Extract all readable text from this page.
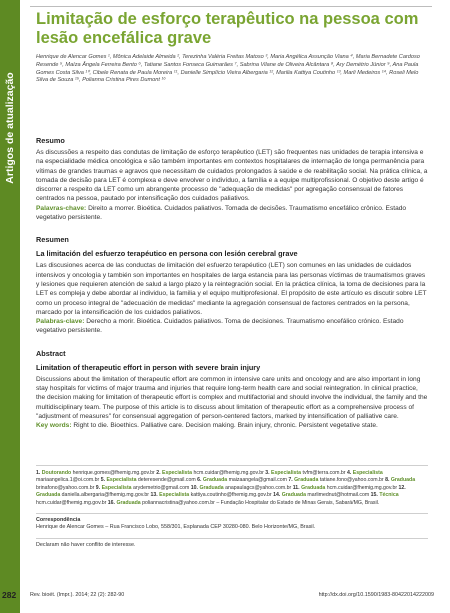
Artigos de atualização
Limitação de esforço terapêutico na pessoa com lesão encefálica grave
Henrique de Alencar Gomes ¹, Mônica Adelaide Almeida ², Terezinha Valéria Freitas Matoso ³, Maria Angélica Assunção Viana ⁴, Maria Bernadete Cardoso Resende ⁵, Maíza Ângela Ferreira Bento ⁶, Tatiane Santos Fonseca Guimarães ⁷, Sabrina Vilane de Oliveira Alcântara ⁸, Ary Demétrio Júnior ⁹, Ana Paula Gomes Costa Silva ¹⁰, Cibele Renata de Paula Moreira ¹¹, Danielle Simplício Vieira Albergaria ¹², Marilia Kattiya Coutinho ¹³, Marli Medeiros ¹⁴, Roseli Melo Silva de Souza ¹⁵, Polianna Cristina Pires Dumont ¹⁶
Resumo

As discussões a respeito das condutas de limitação de esforço terapêutico (LET) são frequentes nas unidades de terapia intensiva e na especialidade médica oncológica e são também importantes em contextos hospitalares de internação de longa permanência para vítimas de grandes traumas e agravos que necessitam de cuidados prolongados à saúde e de reabilitação social. Na prática clínica, a tomada de decisão para LET é complexa e deve envolver o indivíduo, a família e a equipe multiprofissional. O objetivo deste artigo é discorrer a respeito da LET como um abrangente processo de "adequação de medidas" por agregação consensual de fatores centrados na pessoa, pautado por intensificação dos cuidados paliativos.

Palavras-chave: Direito a morrer. Bioética. Cuidados paliativos. Tomada de decisões. Traumatismo encefálico crônico. Estado vegetativo persistente.

Resumen
La limitación del esfuerzo terapéutico en persona con lesión cerebral grave

Las discusiones acerca de las conductas de limitación del esfuerzo terapéutico (LET) son comunes en las unidades de cuidados intensivos y oncología y también son importantes en hospitales de larga estancia para las personas víctimas de traumatismos graves y lesiones que requieren atención de salud a largo plazo y la reintegración social. En la práctica clínica, la toma de decisiones para la LET es compleja y debe abordar al individuo, la familia y el equipo multiprofesional. El propósito de este artículo es discutir sobre LET como un proceso integral de "adecuación de medidas" mediante la agregación consensual de factores centrados en la persona, marcado por la intensificación de los cuidados paliativos.

Palabras-clave: Derecho a morir. Bioética. Cuidados paliativos. Toma de decisiones. Traumatismo encefálico crónico. Estado vegetativo persistente.

Abstract
Limitation of therapeutic effort in person with severe brain injury

Discussions about the limitation of therapeutic effort are common in intensive care units and oncology and are also important in long stay hospitals for victims of major trauma and injuries that require long-term health care and social reintegration. In clinical practice, the decision making for limitation of therapeutic effort is complex and multifactorial and should involve the individual, the family and the multidisciplinary team. The purpose of this article is to discuss about limitation of therapeutic effort as a comprehensive process of "adjustment of measures" for consensual aggregation of person-centered factors, marked by intensification of palliative care.

Key words: Right to die. Bioethics. Palliative care. Decision making. Brain injury, chronic. Persistent vegetative state.

1. Doutorando henrique.gomes@fhemig.mg.gov.br 2. Especialista hcm.cuidar@fhemig.mg.gov.br 3. Especialista tvfm@terra.com.br 4. Especialista mariaangelica.1@oi.com.br 5. Especialista deteresende@gmail.com 6. Graduada maizaangela@gmail.com 7. Graduada tatiane.fono@yahoo.com.br 8. Graduada brinafono@yahoo.com.br 9. Especialista arydemetrio@gmail.com 10. Graduada anapaulagcs@yahoo.com.br 11. Graduada hcm.cuidar@fhemig.mg.gov.br 12. Graduada daniella.albergaria@fhemig.mg.gov.br 13. Especialista kattiya.coutinho@fhemig.mg.gov.br 14. Graduada marlimednut@hotmail.com 15. Técnica hcm.cuidar@fhemig.mg.gov.br 16. Graduada poliannacristina@yahoo.com.br – Fundação Hospitalar do Estado de Minas Gerais, Sabará/MG, Brasil.
Correspondência
Henrique de Alencar Gomes – Rua Francisco Lobo, 558/301, Esplanada CEP 30280-080. Belo Horizonte/MG, Brasil.
Declaram não haver conflito de interesse.
282	Rev. bioét. (Impr.). 2014; 22 (2): 282-90	http://dx.doi.org/10.1590/1983-80422014222009
